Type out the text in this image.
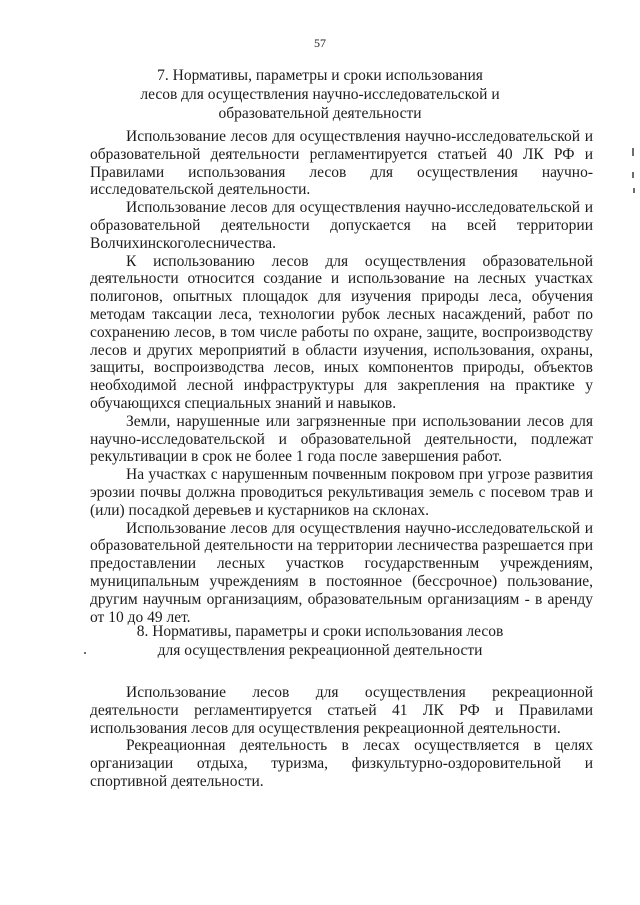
57
7. Нормативы, параметры и сроки использования
лесов для осуществления научно-исследовательской и
образовательной деятельности

Использование лесов для осуществления научно-исследовательской и образовательной деятельности регламентируется статьей 40 ЛК РФ и Правилами использования лесов для осуществления научно-исследовательской деятельности.

Использование лесов для осуществления научно-исследовательской и образовательной деятельности допускается на всей территории Волчихинскоголесничества.

К использованию лесов для осуществления образовательной деятельности относится создание и использование на лесных участках полигонов, опытных площадок для изучения природы леса, обучения методам таксации леса, технологии рубок лесных насаждений, работ по сохранению лесов, в том числе работы по охране, защите, воспроизводству лесов и других мероприятий в области изучения, использования, охраны, защиты, воспроизводства лесов, иных компонентов природы, объектов необходимой лесной инфраструктуры для закрепления на практике у обучающихся специальных знаний и навыков.

Земли, нарушенные или загрязненные при использовании лесов для научно-исследовательской и образовательной деятельности, подлежат рекультивации в срок не более 1 года после завершения работ.

На участках с нарушенным почвенным покровом при угрозе развития эрозии почвы должна проводиться рекультивация земель с посевом трав и (или) посадкой деревьев и кустарников на склонах.

Использование лесов для осуществления научно-исследовательской и образовательной деятельности на территории лесничества разрешается при предоставлении лесных участков государственным учреждениям, муниципальным учреждениям в постоянное (бессрочное) пользование, другим научным организациям, образовательным организациям - в аренду от 10 до 49 лет.

8. Нормативы, параметры и сроки использования лесов
для осуществления рекреационной деятельности

Использование лесов для осуществления рекреационной деятельности регламентируется статьей 41 ЛК РФ и Правилами использования лесов для осуществления рекреационной деятельности.

Рекреационная деятельность в лесах осуществляется в целях организации отдыха, туризма, физкультурно-оздоровительной и спортивной деятельности.
